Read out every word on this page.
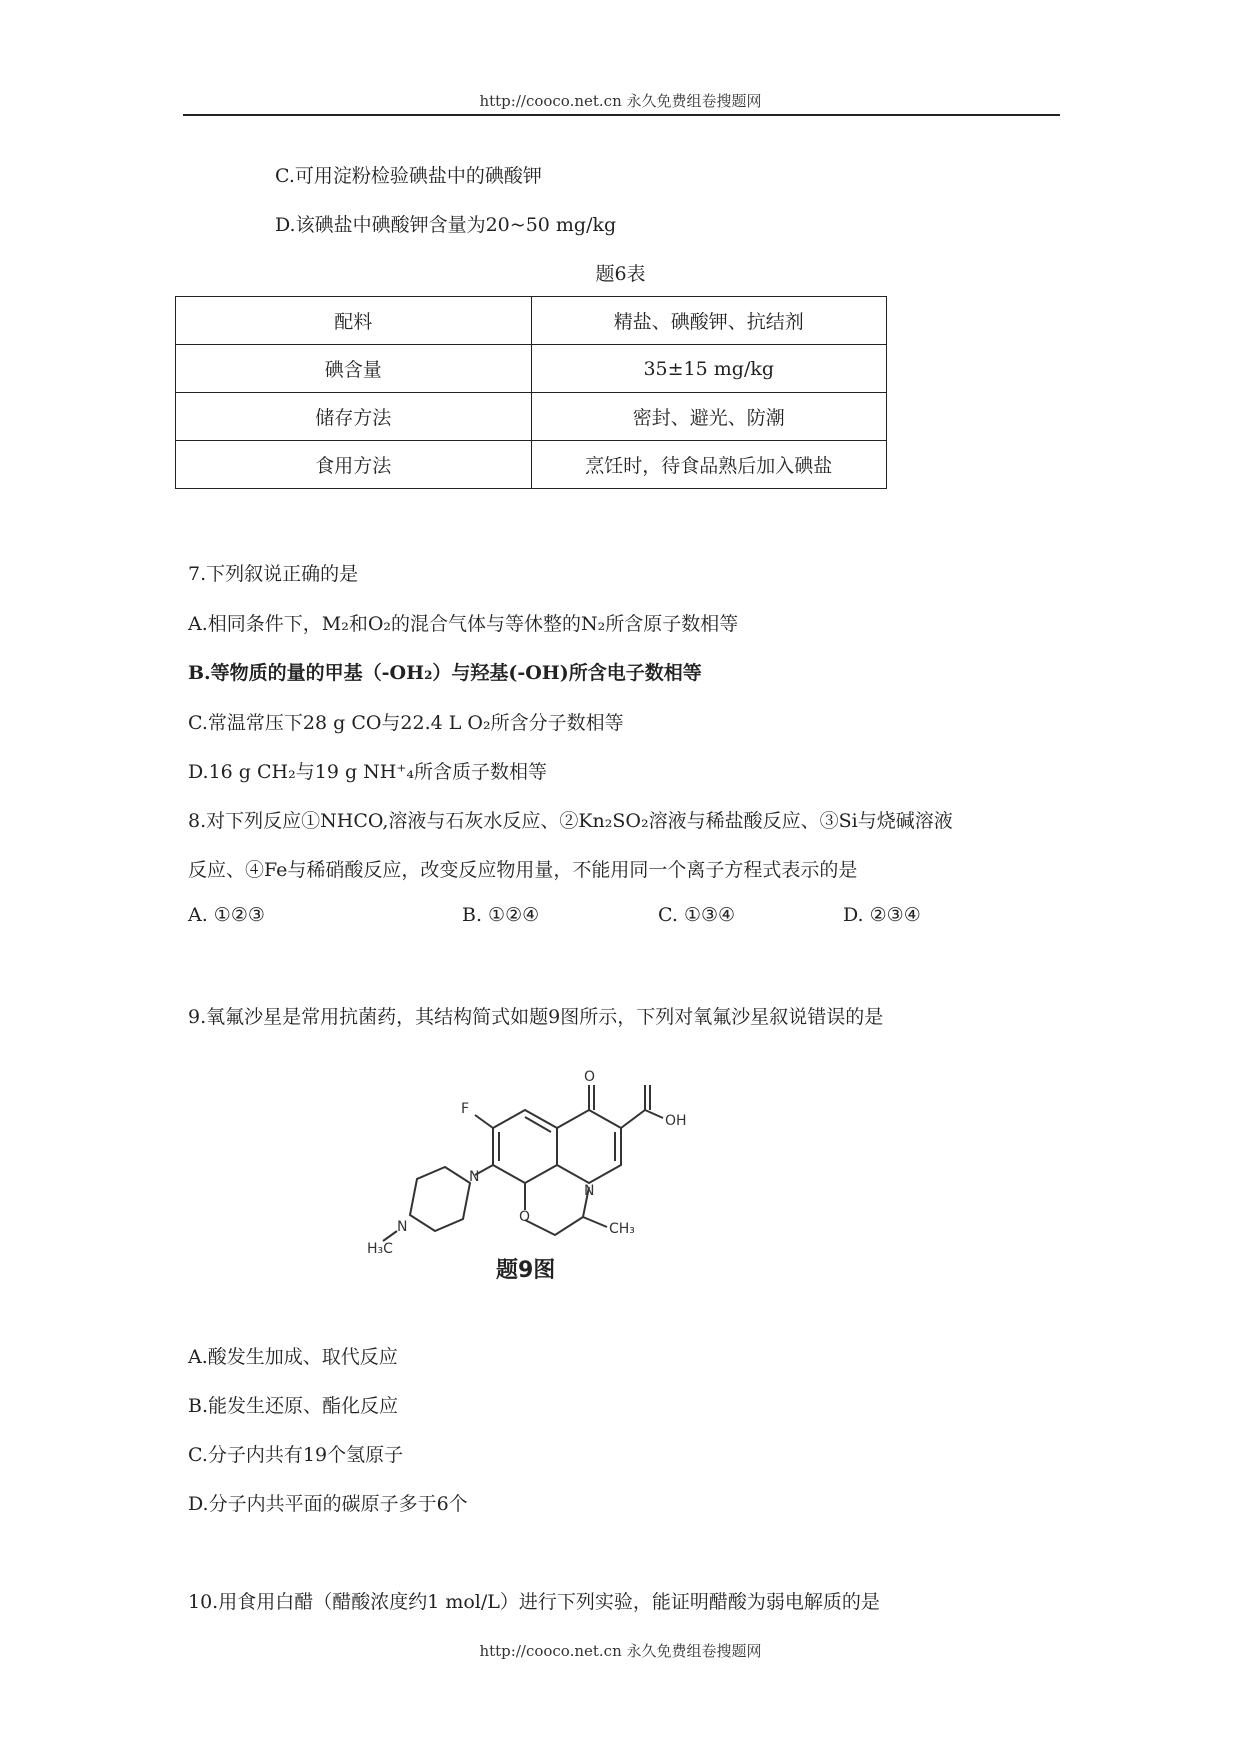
http://cooco.net.cn 永久免费组卷搜题网
C.可用淀粉检验碘盐中的碘酸钾
D.该碘盐中碘酸钾含量为20~50 mg/kg
题6表
配料	精盐、碘酸钾、抗结剂
碘含量	35±15 mg/kg
储存方法	密封、避光、防潮
食用方法	烹饪时，待食品熟后加入碘盐
7.下列叙说正确的是
A.相同条件下，M₂和O₂的混合气体与等休整的N₂所含原子数相等
B.等物质的量的甲基（-OH₂）与羟基(-OH)所含电子数相等
C.常温常压下28 g CO与22.4 L O₂所含分子数相等
D.16 g CH₂与19 g NH⁺₄所含质子数相等
8.对下列反应①NHCO,溶液与石灰水反应、②Kn₂SO₂溶液与稀盐酸反应、③Si与烧碱溶液
反应、④Fe与稀硝酸反应，改变反应物用量，不能用同一个离子方程式表示的是
A. ①②③	B. ①②④	C. ①③④	D. ②③④
9.氧氟沙星是常用抗菌药，其结构简式如题9图所示，下列对氧氟沙星叙说错误的是
O
OH
F
N
N
N
O
CH₃
H₃C
题9图
A.酸发生加成、取代反应
B.能发生还原、酯化反应
C.分子内共有19个氢原子
D.分子内共平面的碳原子多于6个
10.用食用白醋（醋酸浓度约1 mol/L）进行下列实验，能证明醋酸为弱电解质的是
http://cooco.net.cn 永久免费组卷搜题网
